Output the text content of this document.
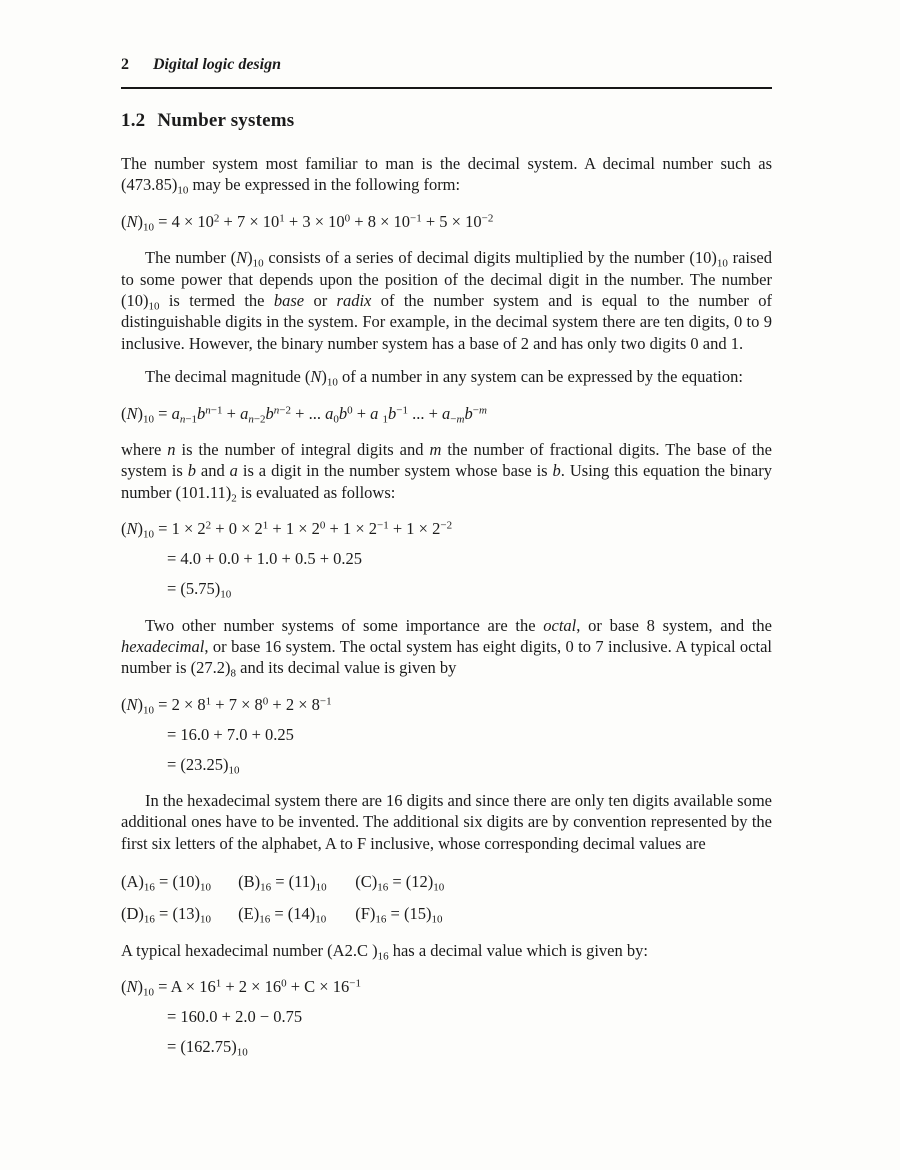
2 Digital logic design
1.2 Number systems

The number system most familiar to man is the decimal system. A decimal number such as $(473.85)_{10}$ may be expressed in the following form:

$(N)_{10} = 4 \times 10^2 + 7 \times 10^1 + 3 \times 10^0 + 8 \times 10^{-1} + 5 \times 10^{-2}$

The number $(N)_{10}$ consists of a series of decimal digits multiplied by the number $(10)_{10}$ raised to some power that depends upon the position of the decimal digit in the number. The number $(10)_{10}$ is termed the base or radix of the number system and is equal to the number of distinguishable digits in the system. For example, in the decimal system there are ten digits, 0 to 9 inclusive. However, the binary number system has a base of 2 and has only two digits 0 and 1.

The decimal magnitude $(N)_{10}$ of a number in any system can be expressed by the equation:

$(N)_{10} = a_{n-1}b^{n-1} + a_{n-2}b^{n-2}$ + ... $a_0b^0 + a$ $_1b^{-1}$ ... + $a_{-m}b^{-m}$

where n is the number of integral digits and m the number of fractional digits. The base of the system is b and a is a digit in the number system whose base is b. Using this equation the binary number $(101.11)_2$ is evaluated as follows:

$(N)_{10} = 1 \times 2^2 + 0 \times 2^1 + 1 \times 2^0 + 1 \times 2^{-1} + 1 \times 2^{-2}$
= 4.0 + 0.0 + 1.0 + 0.5 + 0.25
= $(5.75)_{10}$

Two other number systems of some importance are the octal, or base 8 system, and the hexadecimal, or base 16 system. The octal system has eight digits, 0 to 7 inclusive. A typical octal number is $(27.2)_8$ and its decimal value is given by

$(N)_{10} = 2 \times 8^1 + 7 \times 8^0 + 2 \times 8^{-1}$
= 16.0 + 7.0 + 0.25
= $(23.25)_{10}$

In the hexadecimal system there are 16 digits and since there are only ten digits available some additional ones have to be invented. The additional six digits are by convention represented by the first six letters of the alphabet, A to F inclusive, whose corresponding decimal values are

$(A)_{16} = (10)_{10}$ $(B)_{16} = (11)_{10}$ $(C)_{16} = (12)_{10}$
$(D)_{16} = (13)_{10}$ $(E)_{16} = (14)_{10}$ $(F)_{16} = (15)_{10}$

A typical hexadecimal number (A2.C )$_{16}$ has a decimal value which is given by:

$(N)_{10} = A \times 16^1 + 2 \times 16^0 + C \times 16^{-1}$
= 160.0 + 2.0 − 0.75
= $(162.75)_{10}$
